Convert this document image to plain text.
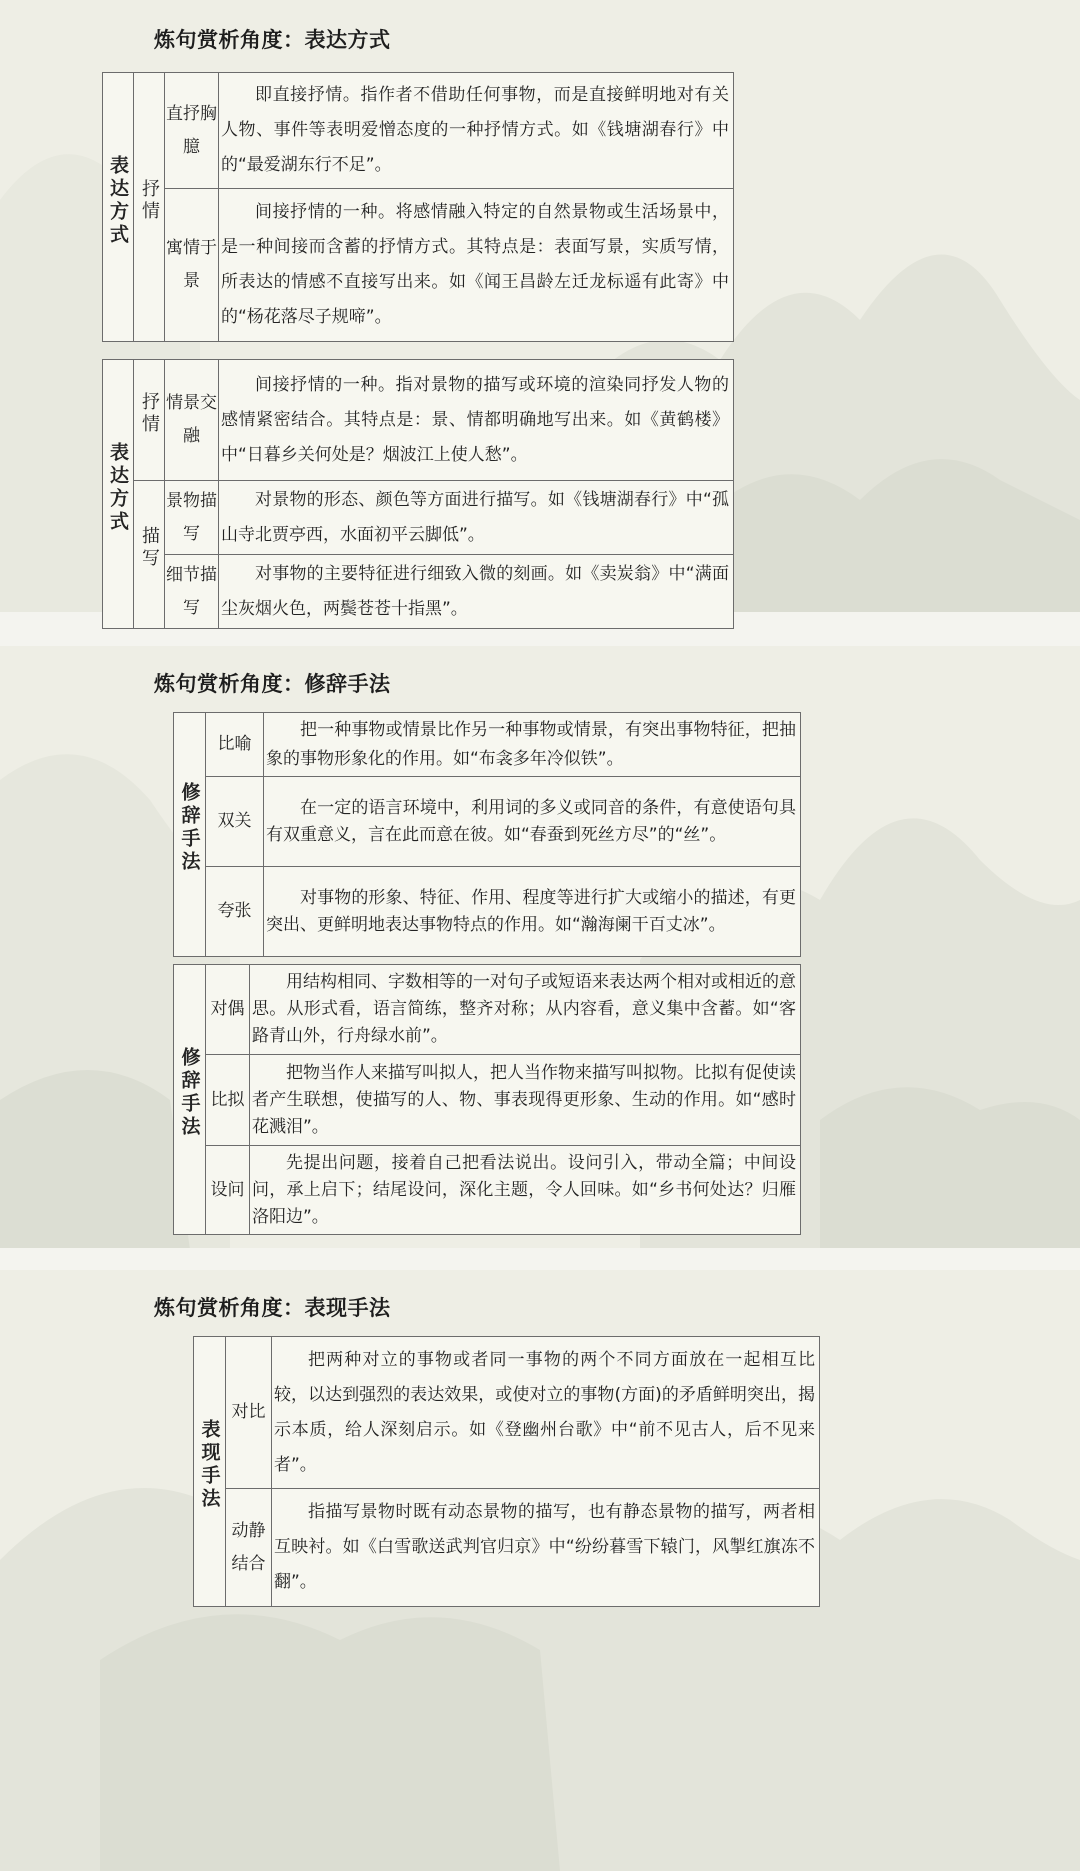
炼句赏析角度：表达方式
表达方式	抒情	直抒胸臆	即直接抒情。指作者不借助任何事物，而是直接鲜明地对有关人物、事件等表明爱憎态度的一种抒情方式。如《钱塘湖春行》中的“最爱湖东行不足”。
		寓情于景	间接抒情的一种。将感情融入特定的自然景物或生活场景中，是一种间接而含蓄的抒情方式。其特点是：表面写景，实质写情，所表达的情感不直接写出来。如《闻王昌龄左迁龙标遥有此寄》中的“杨花落尽子规啼”。
表达方式	抒情	情景交融	间接抒情的一种。指对景物的描写或环境的渲染同抒发人物的感情紧密结合。其特点是：景、情都明确地写出来。如《黄鹤楼》中“日暮乡关何处是？烟波江上使人愁”。
	描写	景物描写	对景物的形态、颜色等方面进行描写。如《钱塘湖春行》中“孤山寺北贾亭西，水面初平云脚低”。
		细节描写	对事物的主要特征进行细致入微的刻画。如《卖炭翁》中“满面尘灰烟火色，两鬓苍苍十指黑”。
炼句赏析角度：修辞手法
修辞手法	比喻	把一种事物或情景比作另一种事物或情景，有突出事物特征，把抽象的事物形象化的作用。如“布衾多年冷似铁”。
	双关	在一定的语言环境中，利用词的多义或同音的条件，有意使语句具有双重意义，言在此而意在彼。如“春蚕到死丝方尽”的“丝”。
	夸张	对事物的形象、特征、作用、程度等进行扩大或缩小的描述，有更突出、更鲜明地表达事物特点的作用。如“瀚海阑干百丈冰”。
修辞手法	对偶	用结构相同、字数相等的一对句子或短语来表达两个相对或相近的意思。从形式看，语言简练，整齐对称；从内容看，意义集中含蓄。如“客路青山外，行舟绿水前”。
	比拟	把物当作人来描写叫拟人，把人当作物来描写叫拟物。比拟有促使读者产生联想，使描写的人、物、事表现得更形象、生动的作用。如“感时花溅泪”。
	设问	先提出问题，接着自己把看法说出。设问引入，带动全篇；中间设问，承上启下；结尾设问，深化主题，令人回味。如“乡书何处达？归雁洛阳边”。
炼句赏析角度：表现手法
表现手法	对比	把两种对立的事物或者同一事物的两个不同方面放在一起相互比较，以达到强烈的表达效果，或使对立的事物(方面)的矛盾鲜明突出，揭示本质，给人深刻启示。如《登幽州台歌》中“前不见古人，后不见来者”。
	动静结合	指描写景物时既有动态景物的描写，也有静态景物的描写，两者相互映衬。如《白雪歌送武判官归京》中“纷纷暮雪下辕门，风掣红旗冻不翻”。
